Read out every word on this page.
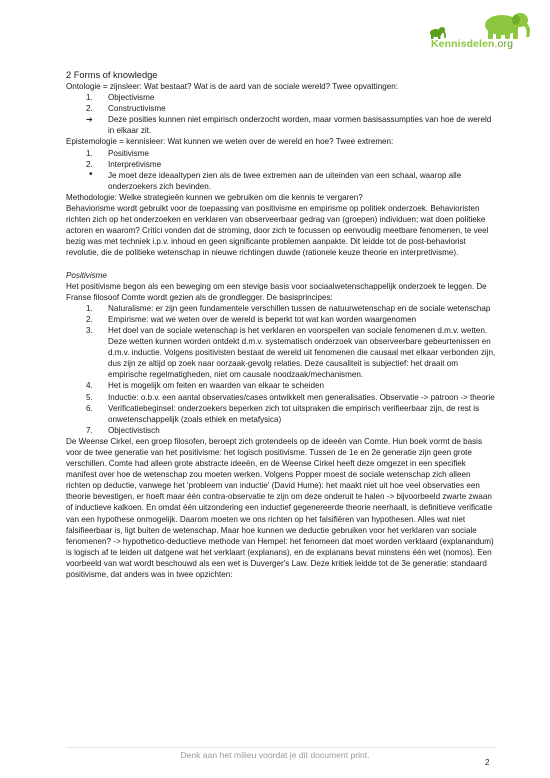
Kennisdelen.org

2 Forms of knowledge

Ontologie = zijnsleer: Wat bestaat? Wat is de aard van de sociale wereld? Twee opvattingen:

1.	Objectivisme
2.	Constructivisme
➔	Deze posities kunnen niet empirisch onderzocht worden, maar vormen basisassumpties van hoe de wereld in elkaar zit.

Epistemologie = kennisleer: Wat kunnen we weten over de wereld en hoe? Twee extremen:

1.	Positivisme
2.	Interpretivisme
•	Je moet deze ideaaltypen zien als de twee extremen aan de uiteinden van een schaal, waarop alle onderzoekers zich bevinden.

Methodologie: Welke strategieën kunnen we gebruiken om die kennis te vergaren?

Behaviorisme wordt gebruikt voor de toepassing van positivisme en empirisme op politiek onderzoek. Behavioristen richten zich op het onderzoeken en verklaren van observeerbaar gedrag van (groepen) individuen; wat doen politieke actoren en waarom? Critici vonden dat de stroming, door zich te focussen op eenvoudig meetbare fenomenen, te veel bezig was met techniek i.p.v. inhoud en geen significante problemen aanpakte. Dit leidde tot de post-behaviorist revolutie, die de politieke wetenschap in nieuwe richtingen duwde (rationele keuze theorie en interpretivisme).

Positivisme

Het positivisme begon als een beweging om een stevige basis voor sociaalwetenschappelijk onderzoek te leggen. De Franse filosoof Comte wordt gezien als de grondlegger. De basisprincipes:

1.	Naturalisme: er zijn geen fundamentele verschillen tussen de natuurwetenschap en de sociale wetenschap
2.	Empirisme: wat we weten over de wereld is beperkt tot wat kan worden waargenomen
3.	Het doel van de sociale wetenschap is het verklaren en voorspellen van sociale fenomenen d.m.v. wetten. Deze wetten kunnen worden ontdekt d.m.v. systematisch onderzoek van observeerbare gebeurtenissen en d.m.v. inductie. Volgens positivisten bestaat de wereld uit fenomenen die causaal met elkaar verbonden zijn, dus zijn ze altijd op zoek naar oorzaak-gevolg relaties. Deze causaliteit is subjectief: het draait om empirische regelmatigheden, niet om causale noodzaak/mechanismen.
4.	Het is mogelijk om feiten en waarden van elkaar te scheiden
5.	Inductie: o.b.v. een aantal observaties/cases ontwikkelt men generalisaties. Observatie -> patroon -> theorie
6.	Verificatiebeginsel: onderzoekers beperken zich tot uitspraken die empirisch verifieerbaar zijn, de rest is onwetenschappelijk (zoals ethiek en metafysica)
7.	Objectivistisch

De Weense Cirkel, een groep filosofen, beroept zich grotendeels op de ideeën van Comte. Hun boek vormt de basis voor de twee generatie van het positivisme: het logisch positivisme. Tussen de 1e en 2e generatie zijn geen grote verschillen. Comte had alleen grote abstracte ideeën, en de Weense Cirkel heeft deze omgezet in een specifiek manifest over hoe de wetenschap zou moeten werken. Volgens Popper moest de sociale wetenschap zich alleen richten op deductie, vanwege het 'probleem van inductie' (David Hume): het maakt niet uit hoe veel observaties een theorie bevestigen, er hoeft maar één contra-observatie te zijn om deze onderuit te halen -> bijvoorbeeld zwarte zwaan of inductieve kalkoen. En omdat één uitzondering een inductief gegenereerde theorie neerhaalt, is definitieve verificatie van een hypothese onmogelijk. Daarom moeten we ons richten op het falsifiëren van hypothesen. Alles wat niet falsifieerbaar is, ligt buiten de wetenschap. Maar hoe kunnen we deductie gebruiken voor het verklaren van sociale fenomenen? -> hypothetico-deductieve methode van Hempel: het fenomeen dat moet worden verklaard (explanandum) is logisch af te leiden uit datgene wat het verklaart (explanans), en de explanans bevat minstens één wet (nomos). Een voorbeeld van wat wordt beschouwd als een wet is Duverger's Law. Deze kritiek leidde tot de 3e generatie: standaard positivisme, dat anders was in twee opzichten:

Denk aan het milieu voordat je dit document print.
2
